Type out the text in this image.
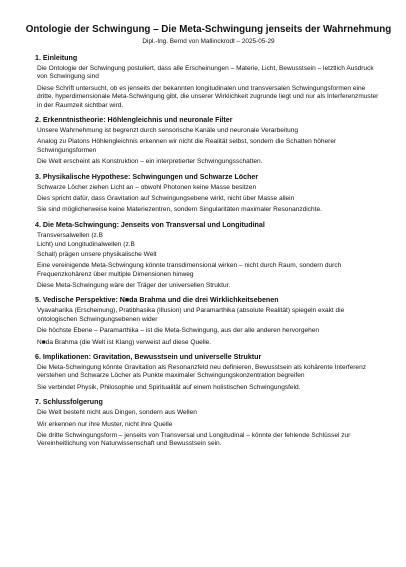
Ontologie der Schwingung – Die Meta-Schwingung jenseits der Wahrnehmung
Dipl.-Ing. Bernd von Mallinckrodt – 2025-05-29
1. Einleitung
Die Ontologie der Schwingung postuliert, dass alle Erscheinungen – Materie, Licht, Bewusstsein – letztlich Ausdruck von Schwingung sind
Diese Schrift untersucht, ob es jenseits der bekannten longitudinalen und transversalen Schwingungsformen eine dritte, hyperdimensionale Meta-Schwingung gibt, die unserer Wirklichkeit zugrunde liegt und nur als Interferenzmuster in der Raumzeit sichtbar wird.
2. Erkenntnistheorie: Höhlengleichnis und neuronale Filter
Unsere Wahrnehmung ist begrenzt durch sensorische Kanäle und neuronale Verarbeitung
Analog zu Platons Höhlengleichnis erkennen wir nicht die Realität selbst, sondern die Schatten höherer Schwingungsformen
Die Welt erscheint als Konstruktion – ein interpretierter Schwingungsschatten.
3. Physikalische Hypothese: Schwingungen und Schwarze Löcher
Schwarze Löcher ziehen Licht an – obwohl Photonen keine Masse besitzen
Dies spricht dafür, dass Gravitation auf Schwingungsebene wirkt, nicht über Masse allein
Sie sind möglicherweise keine Materiezentren, sondern Singularitäten maximaler Resonanzdichte.
4. Die Meta-Schwingung: Jenseits von Transversal und Longitudinal
Transversalwellen (z.B
Licht) und Longitudinalwellen (z.B
Schall) prägen unsere physikalische Welt
Eine vereinigende Meta-Schwingung könnte transdimensional wirken – nicht durch Raum, sondern durch Frequenzkohärenz über multiple Dimensionen hinweg
Diese Meta-Schwingung wäre der Träger der universellen Struktur.
5. Vedische Perspektive: N■da Brahma und die drei Wirklichkeitsebenen
Vyavaharika (Erscheinung), Pratibhasika (Illusion) und Paramarthika (absolute Realität) spiegeln exakt die ontologischen Schwingungsebenen wider
Die höchste Ebene – Paramarthika – ist die Meta-Schwingung, aus der alle anderen hervorgehen
N■da Brahma (die Welt ist Klang) verweist auf diese Quelle.
6. Implikationen: Gravitation, Bewusstsein und universelle Struktur
Die Meta-Schwingung könnte Gravitation als Resonanzfeld neu definieren, Bewusstsein als kohärente Interferenz verstehen und Schwarze Löcher als Punkte maximaler Schwingungskonzentration begreifen
Sie verbindet Physik, Philosophie und Spiritualität auf einem holistischen Schwingungsfeld.
7. Schlussfolgerung
Die Welt besteht nicht aus Dingen, sondern aus Wellen
Wir erkennen nur ihre Muster, nicht ihre Quelle
Die dritte Schwingungsform – jenseits von Transversal und Longitudinal – könnte der fehlende Schlüssel zur Vereinheitlichung von Naturwissenschaft und Bewusstsein sein.
